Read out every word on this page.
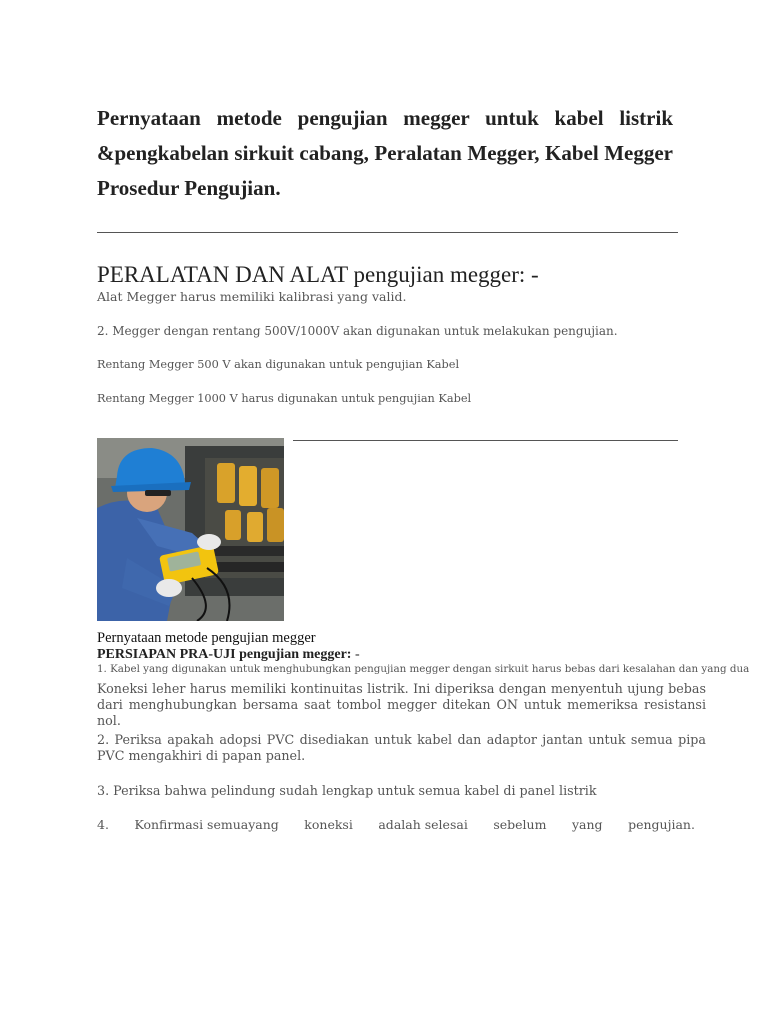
Pernyataan metode pengujian megger untuk kabel listrik &pengkabelan sirkuit cabang, Peralatan Megger, Kabel Megger Prosedur Pengujian.
PERALATAN DAN ALAT pengujian megger: -
Alat Megger harus memiliki kalibrasi yang valid.
2. Megger dengan rentang 500V/1000V akan digunakan untuk melakukan pengujian.
Rentang Megger 500 V akan digunakan untuk pengujian Kabel
Rentang Megger 1000 V harus digunakan untuk pengujian Kabel
Pernyataan metode pengujian megger
PERSIAPAN PRA-UJI pengujian megger: -
1. Kabel yang digunakan untuk menghubungkan pengujian megger dengan sirkuit harus bebas dari kesalahan dan yang dua
Koneksi leher harus memiliki kontinuitas listrik. Ini diperiksa dengan menyentuh ujung bebas dari menghubungkan bersama saat tombol megger ditekan ON untuk memeriksa resistansi nol.
2. Periksa apakah adopsi PVC disediakan untuk kabel dan adaptor jantan untuk semua pipa PVC mengakhiri di papan panel.
3. Periksa bahwa pelindung sudah lengkap untuk semua kabel di panel listrik
4. Konfirmasi semuayang koneksi adalah selesai sebelum yang pengujian.
